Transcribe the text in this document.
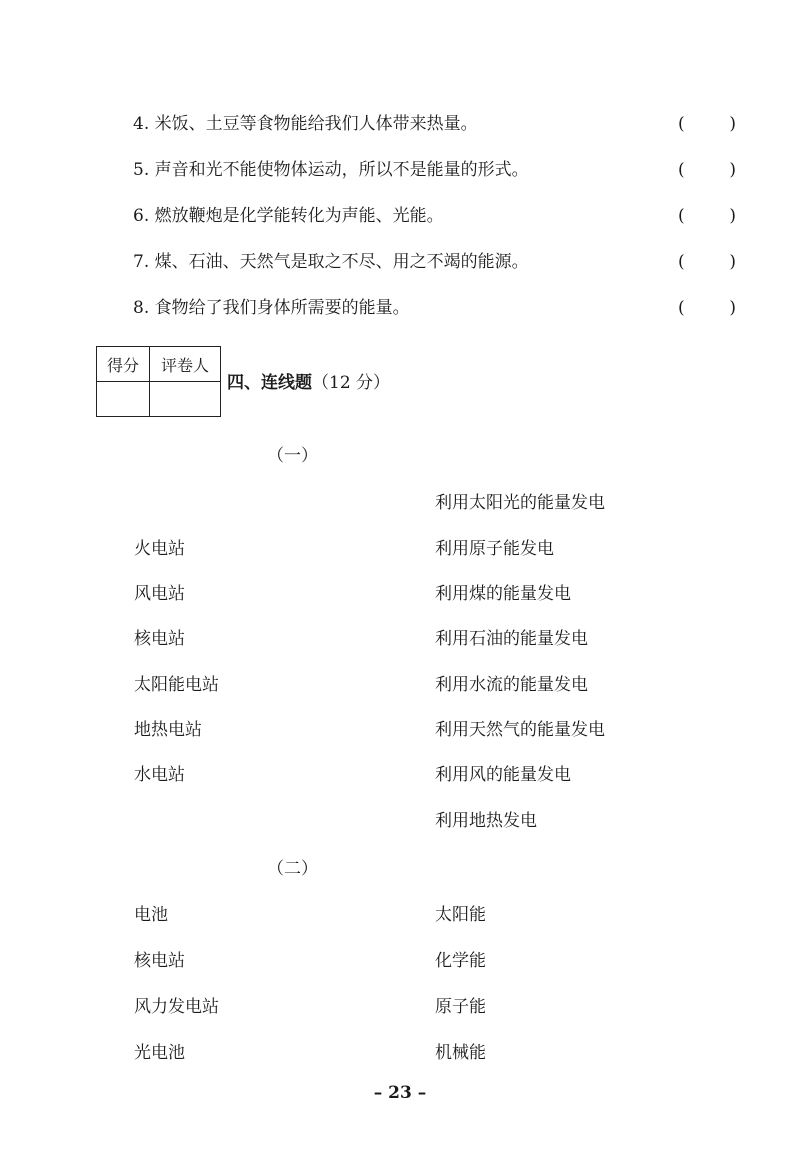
4. 米饭、土豆等食物能给我们人体带来热量。	(	)
5. 声音和光不能使物体运动，所以不是能量的形式。	(	)
6. 燃放鞭炮是化学能转化为声能、光能。	(	)
7. 煤、石油、天然气是取之不尽、用之不竭的能源。	(	)
8. 食物给了我们身体所需要的能量。	(	)
得分	评卷人

四、连线题（12 分）
（一）
利用太阳光的能量发电
火电站	利用原子能发电
风电站	利用煤的能量发电
核电站	利用石油的能量发电
太阳能电站	利用水流的能量发电
地热电站	利用天然气的能量发电
水电站	利用风的能量发电
利用地热发电
（二）
电池	太阳能
核电站	化学能
风力发电站	原子能
光电池	机械能
– 23 –
